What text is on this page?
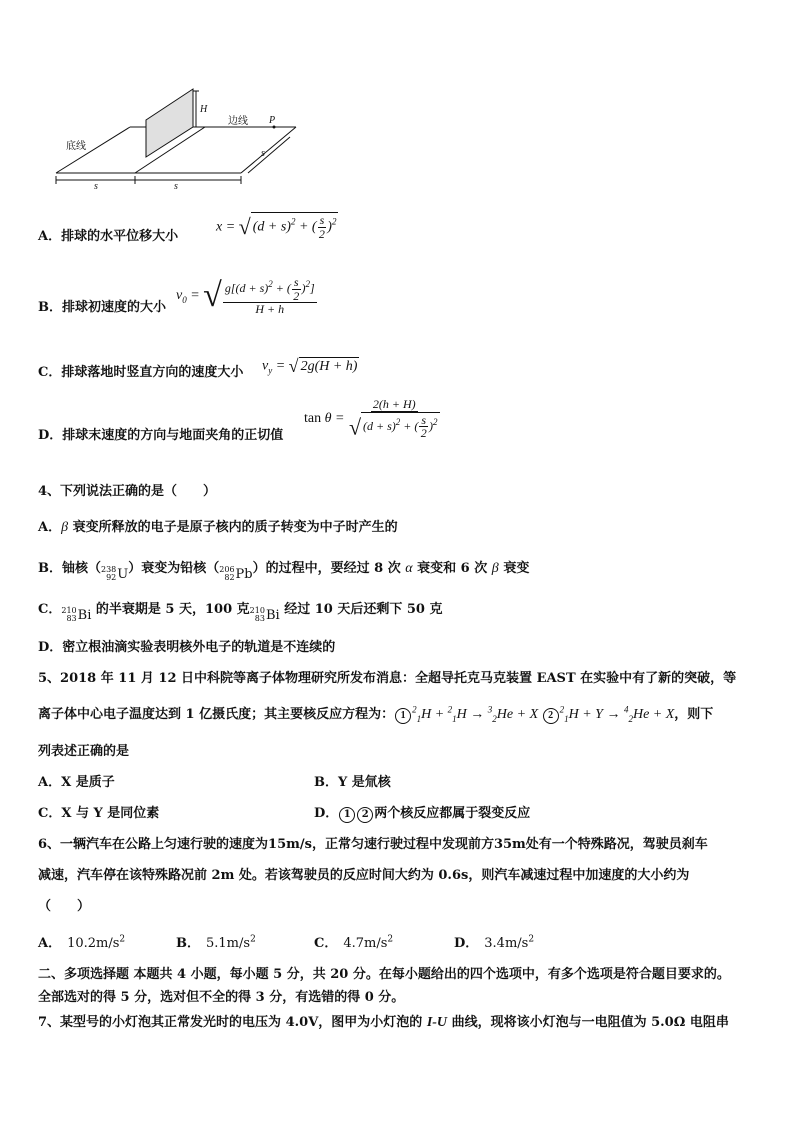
H
边线 P
底线
s
s	s
A．排球的水平位移大小
x = √ $(d + s)^2$ + ( $\frac{s}{2} )^2$
B．排球初速度的大小
$v_0$ = √ $\frac{g[(d + s)^2 + ( \frac{s}{2} )^2]}{H + h}$
C．排球落地时竖直方向的速度大小 $v_y$ = √ 2g(H + h)
D．排球末速度的方向与地面夹角的正切值
$\tan \theta = \frac{2(h + H)}{√ (d + s)^2 + ( \frac{s}{2} )^2}$
4、下列说法正确的是（　　）
A．β 衰变所释放的电子是原子核内的质子转变为中子时产生的
B．铀核（ 238
92 U）衰变为铅核（ 206
82 Pb）的过程中，要经过 8 次 α 衰变和 6 次 β 衰变
C． 210
83 Bi 的半衰期是 5 天，100 克 210
83 Bi 经过 10 天后还剩下 50 克
D．密立根油滴实验表明核外电子的轨道是不连续的
5、2018 年 11 月 12 日中科院等离子体物理研究所发布消息：全超导托克马克装置 EAST 在实验中有了新的突破，等
离子体中心电子温度达到 1 亿摄氏度；其主要核反应方程为： $1^2_1H + ^2_1H \to ^3_2He + X$ $2^2_1H + Y \to ^4_2He + X$，则下
列表述正确的是
A．X 是质子	B．Y 是氚核
C．X 与 Y 是同位素	D． 1 2 两个核反应都属于裂变反应
6、一辆汽车在公路上匀速行驶的速度为15m/s，正常匀速行驶过程中发现前方35m处有一个特殊路况，驾驶员刹车
减速，汽车停在该特殊路况前 2m 处。若该驾驶员的反应时间大约为 0.6s，则汽车减速过程中加速度的大小约为
（　　）
A． $10.2m/s^2$	B． $5.1m/s^2$	C． $4.7m/s^2$	D． $3.4m/s^2$
二、多项选择题 本题共 4 小题，每小题 5 分，共 20 分。在每小题给出的四个选项中，有多个选项是符合题目要求的。
全部选对的得 5 分，选对但不全的得 3 分，有选错的得 0 分。
7、某型号的小灯泡其正常发光时的电压为 4.0V，图甲为小灯泡的 I-U 曲线，现将该小灯泡与一电阻值为 5.0Ω 电阻串
